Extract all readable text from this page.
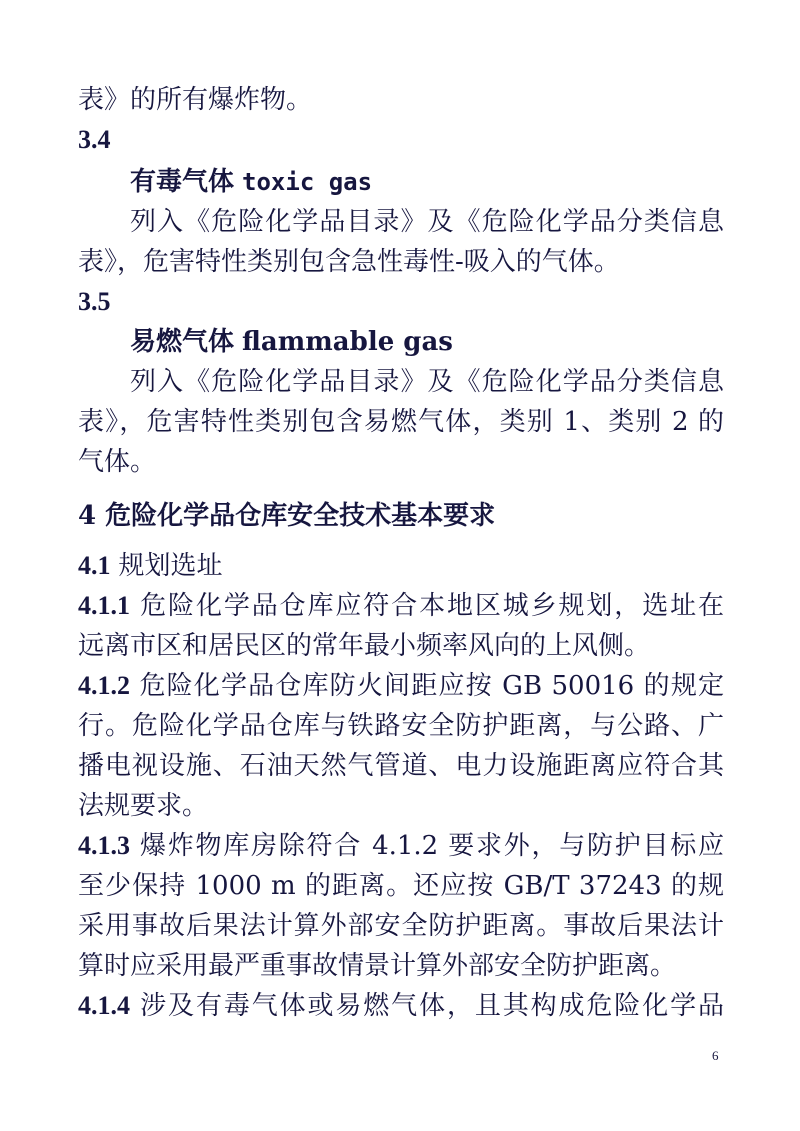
表》的所有爆炸物。
3.4
有毒气体 toxic gas
列入《危险化学品目录》及《危险化学品分类信息
表》，危害特性类别包含急性毒性-吸入的气体。
3.5
易燃气体 flammable gas
列入《危险化学品目录》及《危险化学品分类信息
表》，危害特性类别包含易燃气体，类别 1、类别 2 的
气体。
4 危险化学品仓库安全技术基本要求
4.1 规划选址
4.1.1 危险化学品仓库应符合本地区城乡规划，选址在
远离市区和居民区的常年最小频率风向的上风侧。
4.1.2 危险化学品仓库防火间距应按 GB 50016 的规定
行。危险化学品仓库与铁路安全防护距离，与公路、广
播电视设施、石油天然气管道、电力设施距离应符合其
法规要求。
4.1.3 爆炸物库房除符合 4.1.2 要求外，与防护目标应
至少保持 1000 m 的距离。还应按 GB/T 37243 的规
采用事故后果法计算外部安全防护距离。事故后果法计
算时应采用最严重事故情景计算外部安全防护距离。
4.1.4 涉及有毒气体或易燃气体，且其构成危险化学品
6
